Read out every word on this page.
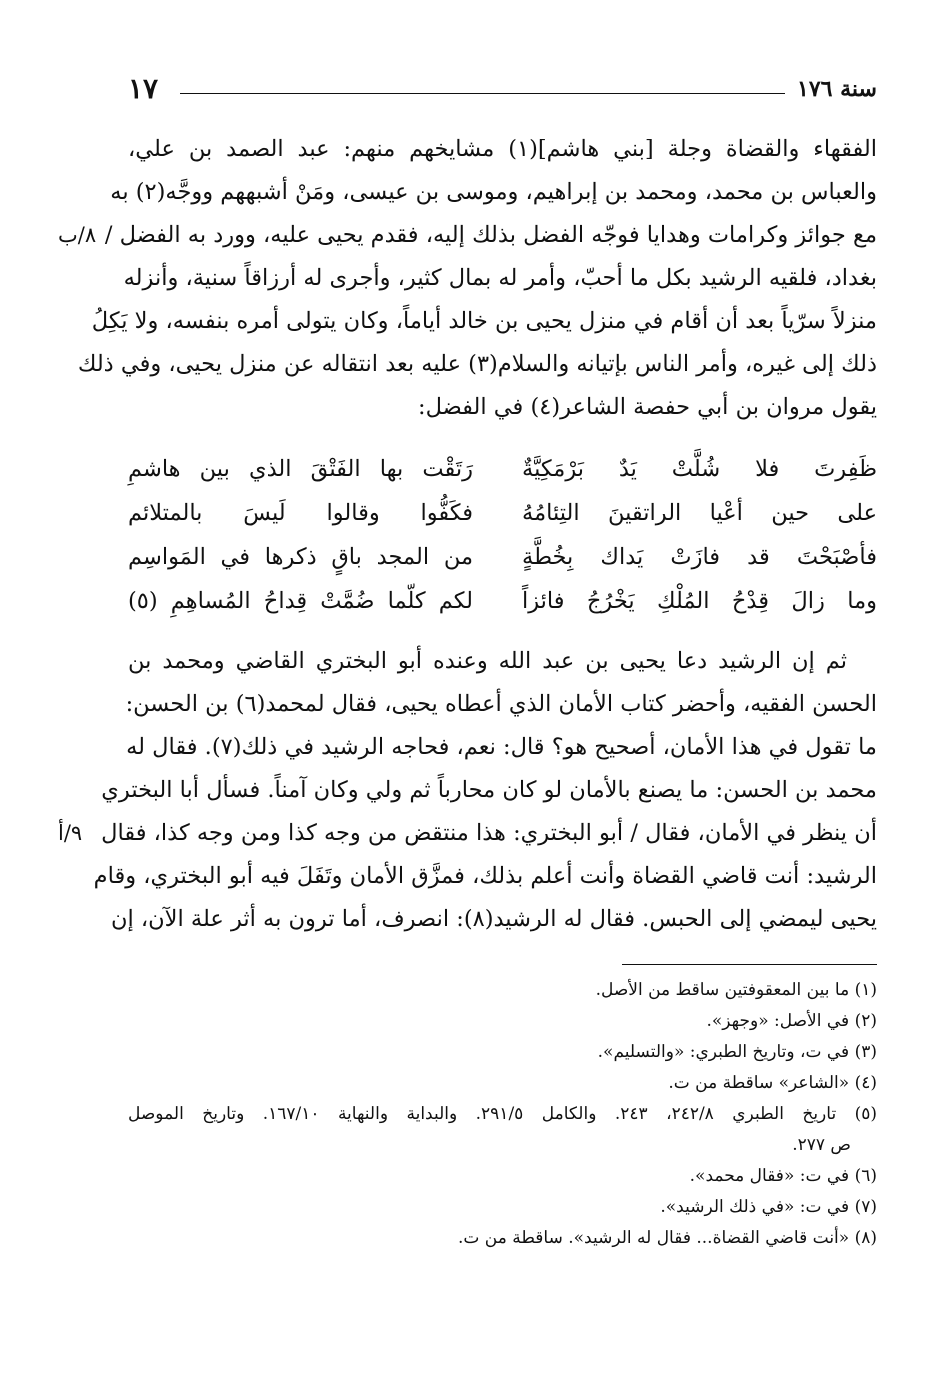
سنة ١٧٦
١٧
الفقهاء والقضاة وجلة [بني هاشم](١) مشايخهم منهم: عبد الصمد بن علي،
والعباس بن محمد، ومحمد بن إبراهيم، وموسى بن عيسى، ومَنْ أشبههم ووجَّه(٢) به
مع جوائز وكرامات وهدايا فوجّه الفضل بذلك إليه، فقدم يحيى عليه، وورد به الفضل /
٨/ب
بغداد، فلقيه الرشيد بكل ما أحبّ، وأمر له بمال كثير، وأجرى له أرزاقاً سنية، وأنزله
منزلاً سرّياً بعد أن أقام في منزل يحيى بن خالد أياماً، وكان يتولى أمره بنفسه، ولا يَكِلُ
ذلك إلى غيره، وأمر الناس بإتيانه والسلام(٣) عليه بعد انتقاله عن منزل يحيى، وفي ذلك
يقول مروان بن أبي حفصة الشاعر(٤) في الفضل:
ظَفِرتَ فلا شُلَّتْ يَدٌ بَرْمَكِيَّةٌ
رَتَقْت بها الفَتْقَ الذي بين هاشمِ
على حين أعْيا الراتقينَ التِئامُهُ
فكَفُّوا وقالوا لَيسَ بالمتلائم
فأصْبَحْتَ قد فازَتْ يَداك بِخُطَّةٍ
من المجد باقٍ ذكرها في المَواسِم
وما زالَ قِدْحُ المُلْكِ يَخْرُجُ فائزاً
لكم كلّما ضُمَّتْ قِداحُ المُساهِمِ (٥)
ثم إن الرشيد دعا يحيى بن عبد الله وعنده أبو البختري القاضي ومحمد بن
الحسن الفقيه، وأحضر كتاب الأمان الذي أعطاه يحيى، فقال لمحمد(٦) بن الحسن:
ما تقول في هذا الأمان، أصحيح هو؟ قال: نعم، فحاجه الرشيد في ذلك(٧). فقال له
محمد بن الحسن: ما يصنع بالأمان لو كان محارباً ثم ولي وكان آمناً. فسأل أبا البختري
أن ينظر في الأمان، فقال / أبو البختري: هذا منتقض من وجه كذا ومن وجه كذا، فقال
٩/أ
الرشيد: أنت قاضي القضاة وأنت أعلم بذلك، فمزَّق الأمان وتَفَلَ فيه أبو البختري، وقام
يحيى ليمضي إلى الحبس. فقال له الرشيد(٨): انصرف، أما ترون به أثر علة الآن، إن
(١) ما بين المعقوفتين ساقط من الأصل.
(٢) في الأصل: «وجهز».
(٣) في ت، وتاريخ الطبري: «والتسليم».
(٤) «الشاعر» ساقطة من ت.
(٥) تاريخ الطبري ٢٤٢/٨، ٢٤٣. والكامل ٢٩١/٥. والبداية والنهاية ١٦٧/١٠. وتاريخ الموصل
ص ٢٧٧.
(٦) في ت: «فقال محمد».
(٧) في ت: «في ذلك الرشيد».
(٨) «أنت قاضي القضاة... فقال له الرشيد». ساقطة من ت.
